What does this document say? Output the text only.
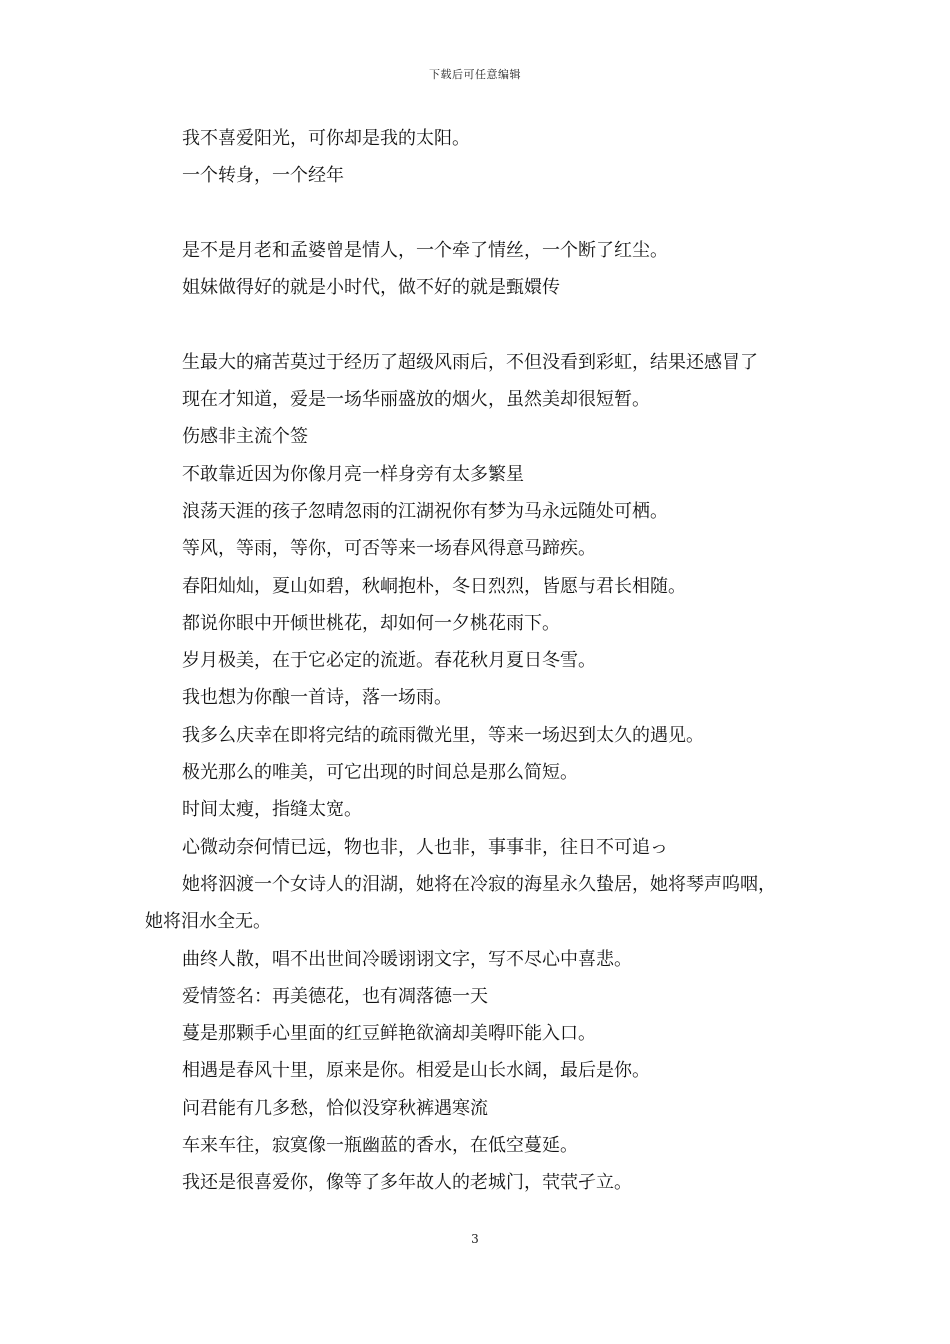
下载后可任意编辑
我不喜爱阳光，可你却是我的太阳。
一个转身，一个经年
是不是月老和孟婆曾是情人，一个牵了情丝，一个断了红尘。
姐妹做得好的就是小时代，做不好的就是甄嬛传
生最大的痛苦莫过于经历了超级风雨后，不但没看到彩虹，结果还感冒了
现在才知道，爱是一场华丽盛放的烟火，虽然美却很短暂。
伤感非主流个签
不敢靠近因为你像月亮一样身旁有太多繁星
浪荡天涯的孩子忽晴忽雨的江湖祝你有梦为马永远随处可栖。
等风，等雨，等你，可否等来一场春风得意马蹄疾。
春阳灿灿，夏山如碧，秋峒抱朴，冬日烈烈，皆愿与君长相随。
都说你眼中开倾世桃花，却如何一夕桃花雨下。
岁月极美，在于它必定的流逝。春花秋月夏日冬雪。
我也想为你酿一首诗，落一场雨。
我多么庆幸在即将完结的疏雨微光里，等来一场迟到太久的遇见。
极光那么的唯美，可它出现的时间总是那么简短。
时间太瘦，指缝太宽。
心微动奈何情已远，物也非，人也非，事事非，往日不可追っ
她将泅渡一个女诗人的泪湖，她将在冷寂的海星永久蛰居，她将琴声呜咽，
她将泪水全无。
曲终人散，唱不出世间冷暖诩诩文字，写不尽心中喜悲。
爱情签名：再美德花，也有凋落德一天
蔓是那颗手心里面的红豆鲜艳欲滴却美嘚吓能入口。
相遇是春风十里，原来是你。相爱是山长水阔，最后是你。
问君能有几多愁，恰似没穿秋裤遇寒流
车来车往，寂寞像一瓶幽蓝的香水，在低空蔓延。
我还是很喜爱你，像等了多年故人的老城门，茕茕孑立。
3
